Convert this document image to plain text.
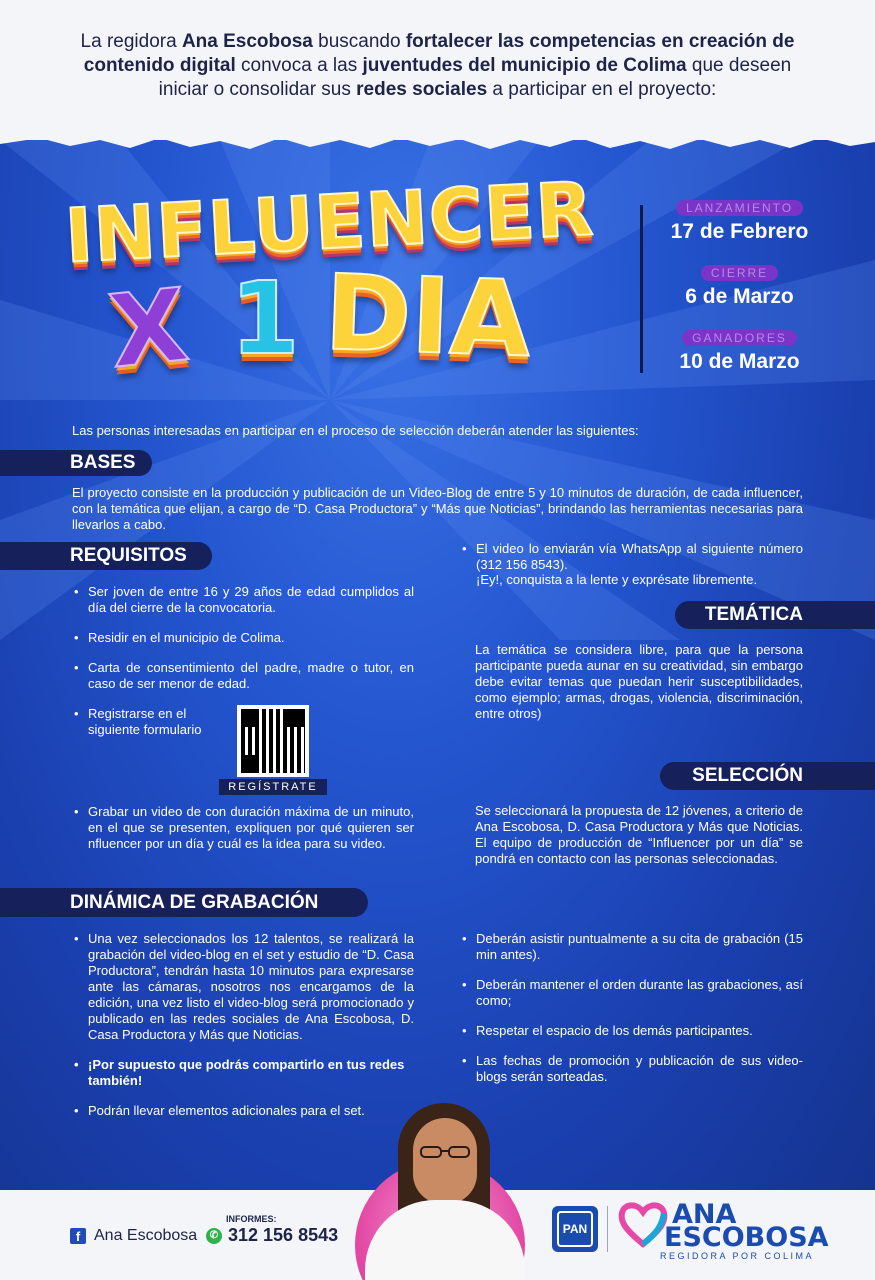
La regidora Ana Escobosa buscando fortalecer las competencias en creación de contenido digital convoca a las juventudes del municipio de Colima que deseen iniciar o consolidar sus redes sociales a participar en el proyecto:

INFLUENCER
X 1 DIA
LANZAMIENTO
17 de Febrero
CIERRE
6 de Marzo
GANADORES
10 de Marzo

Las personas interesadas en participar en el proceso de selección deberán atender las siguientes:

BASES

El proyecto consiste en la producción y publicación de un Video-Blog de entre 5 y 10 minutos de duración, de cada influencer, con la temática que elijan, a cargo de “D. Casa Productora” y “Más que Noticias”, brindando las herramientas necesarias para llevarlos a cabo.

REQUISITOS
• Ser joven de entre 16 y 29 años de edad cumplidos al día del cierre de la convocatoria.
• Residir en el municipio de Colima.
• Carta de consentimiento del padre, madre o tutor, en caso de ser menor de edad.
• Registrarse en el siguiente formulario
REGÍSTRATE
• Grabar un video de con duración máxima de un minuto, en el que se presenten, expliquen por qué quieren ser nfluencer por un día y cuál es la idea para su video.
• El video lo enviarán vía WhatsApp al siguiente número (312 156 8543).

¡Ey!, conquista a la lente y exprésate libremente.

TEMÁTICA

La temática se considera libre, para que la persona participante pueda aunar en su creatividad, sin embargo debe evitar temas que puedan herir susceptibilidades, como ejemplo; armas, drogas, violencia, discriminación, entre otros)

SELECCIÓN

Se seleccionará la propuesta de 12 jóvenes, a criterio de Ana Escobosa, D. Casa Productora y Más que Noticias. El equipo de producción de “Influencer por un día” se pondrá en contacto con las personas seleccionadas.

DINÁMICA DE GRABACIÓN
• Una vez seleccionados los 12 talentos, se realizará la grabación del video-blog en el set y estudio de “D. Casa Productora”, tendrán hasta 10 minutos para expresarse ante las cámaras, nosotros nos encargamos de la edición, una vez listo el video-blog será promocionado y publicado en las redes sociales de Ana Escobosa, D. Casa Productora y Más que Noticias.
• ¡Por supuesto que podrás compartirlo en tus redes también!
• Podrán llevar elementos adicionales para el set.
• Deberán asistir puntualmente a su cita de grabación (15 min antes).
• Deberán mantener el orden durante las grabaciones, así como;
• Respetar el espacio de los demás participantes.
• Las fechas de promoción y publicación de sus video-blogs serán sorteadas.
f Ana Escobosa
INFORMES:
✆ 312 156 8543	PAN	ANA
ESCOBOSA
REGIDORA POR COLIMA
